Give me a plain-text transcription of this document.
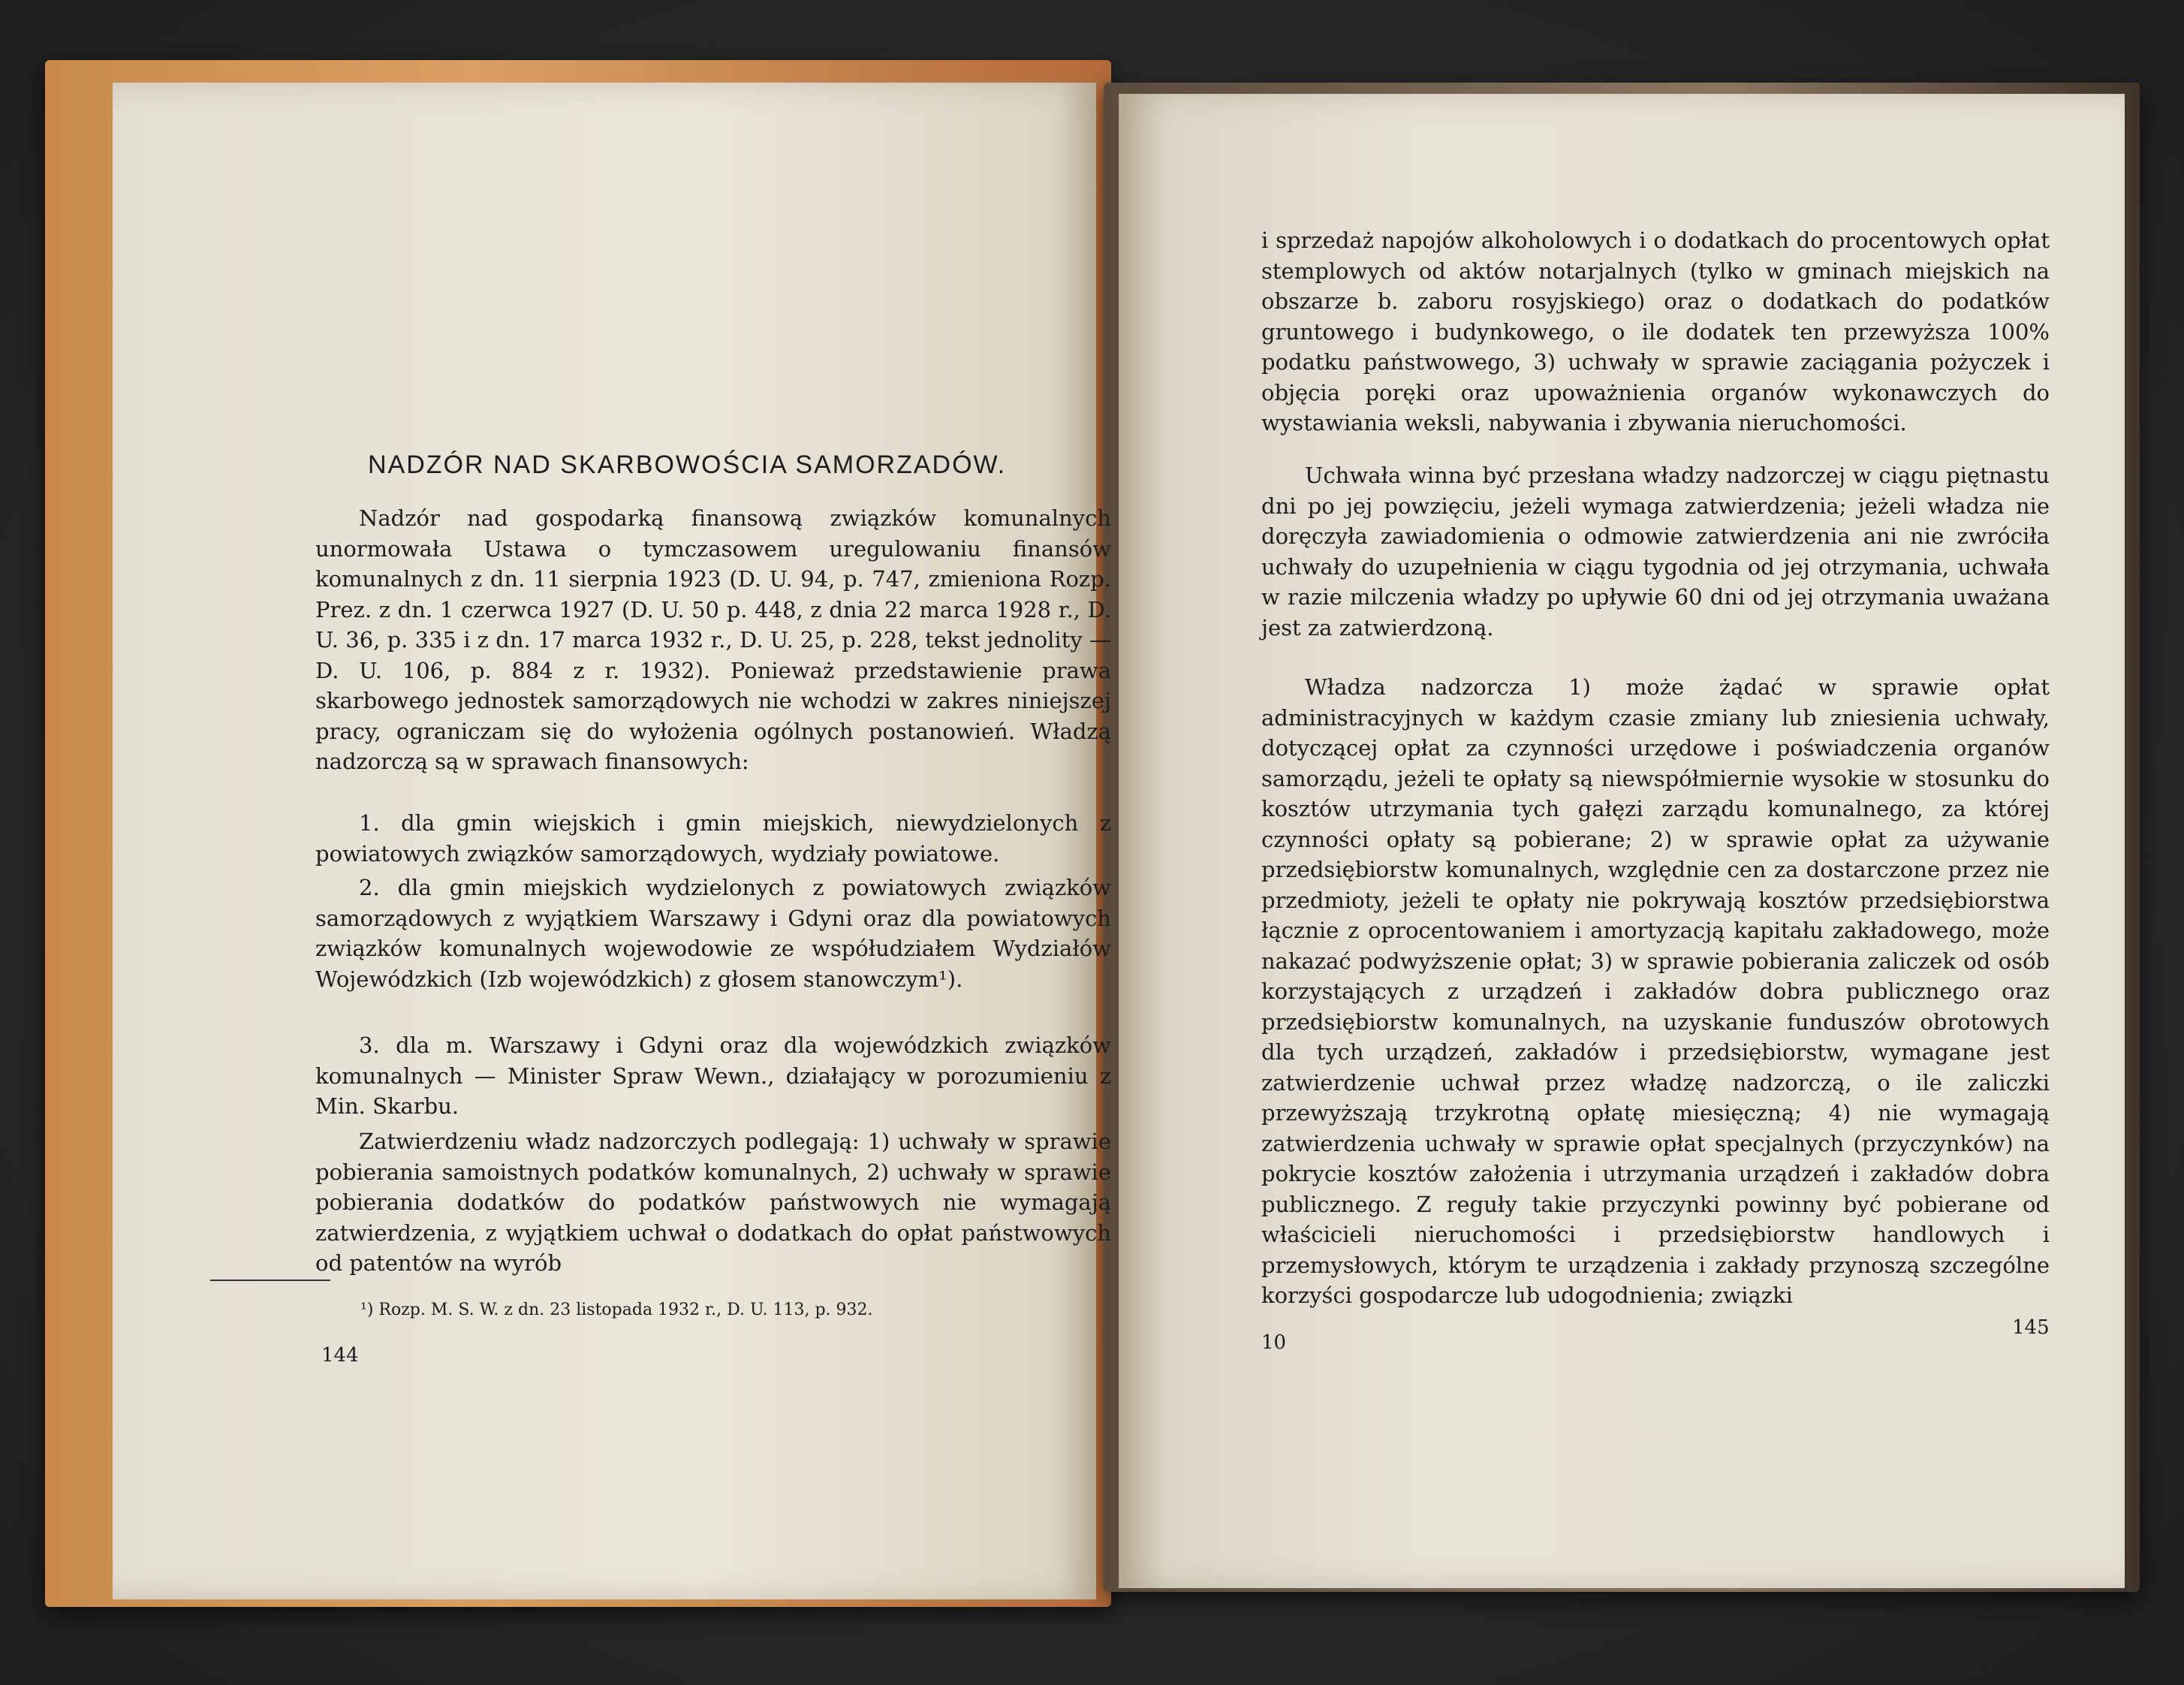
NADZÓR NAD SKARBOWOŚCIA SAMORZADÓW.

Nadzór nad gospodarką finansową związków komunalnych unormowała Ustawa o tymczasowem uregulowaniu finansów komunalnych z dn. 11 sierpnia 1923 (D. U. 94, p. 747, zmieniona Rozp. Prez. z dn. 1 czerwca 1927 (D. U. 50 p. 448, z dnia 22 marca 1928 r., D. U. 36, p. 335 i z dn. 17 marca 1932 r., D. U. 25, p. 228, tekst jednolity — D. U. 106, p. 884 z r. 1932). Ponieważ przedstawienie prawa skarbowego jednostek samorządowych nie wchodzi w zakres niniejszej pracy, ograniczam się do wyłożenia ogólnych postanowień. Władzą nadzorczą są w sprawach finansowych:

1. dla gmin wiejskich i gmin miejskich, niewydzielonych z powiatowych związków samorządowych, wydziały powiatowe.

2. dla gmin miejskich wydzielonych z powiatowych związków samorządowych z wyjątkiem Warszawy i Gdyni oraz dla powiatowych związków komunalnych wojewodowie ze współudziałem Wydziałów Wojewódzkich (Izb wojewódzkich) z głosem stanowczym¹).

3. dla m. Warszawy i Gdyni oraz dla wojewódzkich związków komunalnych — Minister Spraw Wewn., działający w porozumieniu z Min. Skarbu.

Zatwierdzeniu władz nadzorczych podlegają: 1) uchwały w sprawie pobierania samoistnych podatków komunalnych, 2) uchwały w sprawie pobierania dodatków do podatków państwowych nie wymagają zatwierdzenia, z wyjątkiem uchwał o dodatkach do opłat państwowych od patentów na wyrób

¹) Rozp. M. S. W. z dn. 23 listopada 1932 r., D. U. 113, p. 932.
144

i sprzedaż napojów alkoholowych i o dodatkach do procentowych opłat stemplowych od aktów notarjalnych (tylko w gminach miejskich na obszarze b. zaboru rosyjskiego) oraz o dodatkach do podatków gruntowego i budynkowego, o ile dodatek ten przewyższa 100% podatku państwowego, 3) uchwały w sprawie zaciągania pożyczek i objęcia poręki oraz upoważnienia organów wykonawczych do wystawiania weksli, nabywania i zbywania nieruchomości.

Uchwała winna być przesłana władzy nadzorczej w ciągu piętnastu dni po jej powzięciu, jeżeli wymaga zatwierdzenia; jeżeli władza nie doręczyła zawiadomienia o odmowie zatwierdzenia ani nie zwróciła uchwały do uzupełnienia w ciągu tygodnia od jej otrzymania, uchwała w razie milczenia władzy po upływie 60 dni od jej otrzymania uważana jest za zatwierdzoną.

Władza nadzorcza 1) może żądać w sprawie opłat administracyjnych w każdym czasie zmiany lub zniesienia uchwały, dotyczącej opłat za czynności urzędowe i poświadczenia organów samorządu, jeżeli te opłaty są niewspółmiernie wysokie w stosunku do kosztów utrzymania tych gałęzi zarządu komunalnego, za której czynności opłaty są pobierane; 2) w sprawie opłat za używanie przedsiębiorstw komunalnych, względnie cen za dostarczone przez nie przedmioty, jeżeli te opłaty nie pokrywają kosztów przedsiębiorstwa łącznie z oprocentowaniem i amortyzacją kapitału zakładowego, może nakazać podwyższenie opłat; 3) w sprawie pobierania zaliczek od osób korzystających z urządzeń i zakładów dobra publicznego oraz przedsiębiorstw komunalnych, na uzyskanie funduszów obrotowych dla tych urządzeń, zakładów i przedsiębiorstw, wymagane jest zatwierdzenie uchwał przez władzę nadzorczą, o ile zaliczki przewyższają trzykrotną opłatę miesięczną; 4) nie wymagają zatwierdzenia uchwały w sprawie opłat specjalnych (przyczynków) na pokrycie kosztów założenia i utrzymania urządzeń i zakładów dobra publicznego. Z reguły takie przyczynki powinny być pobierane od właścicieli nieruchomości i przedsiębiorstw handlowych i przemysłowych, którym te urządzenia i zakłady przynoszą szczególne korzyści gospodarcze lub udogodnienia; związki

10
145
